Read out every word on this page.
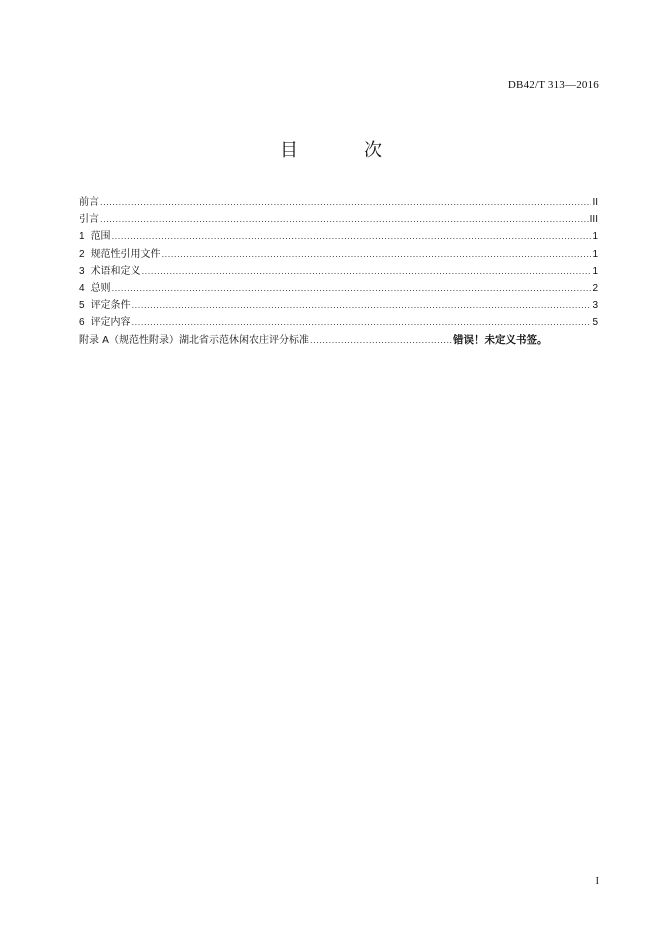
DB42/T 313—2016
目　次
前言 .....	II
引言 .....	III
1 范围 .....	1
2 规范性引用文件 .....	1
3 术语和定义 .....	1
4 总则 .....	2
5 评定条件 .....	3
6 评定内容 .....	5
附录 A（规范性附录）湖北省示范休闲农庄评分标准 .....	错误！未定义书签。
I
